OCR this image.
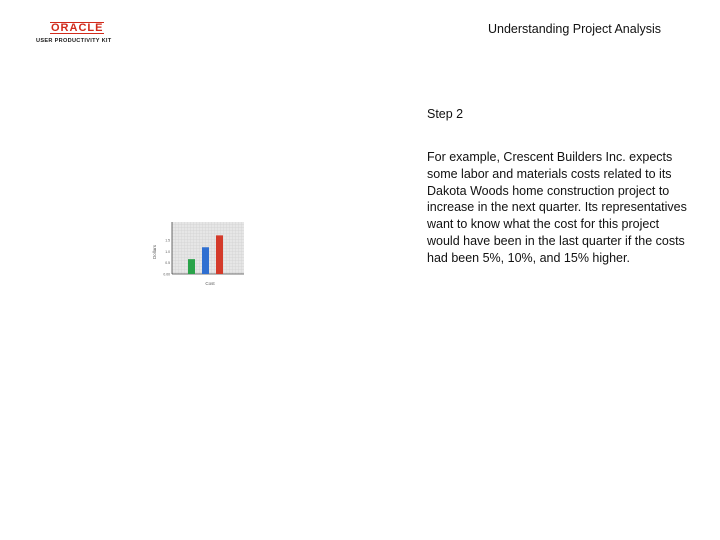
ORACLE
USER PRODUCTIVITY KIT
Understanding Project Analysis
Step 2
For example, Crescent Builders Inc. expects some labor and materials costs related to its Dakota Woods home construction project to increase in the next quarter. Its representatives want to know what the cost for this project would have been in the last quarter if the costs had been 5%, 10%, and 15% higher.
Dollars
Cost
1.5
1.0
0.5
0.00
